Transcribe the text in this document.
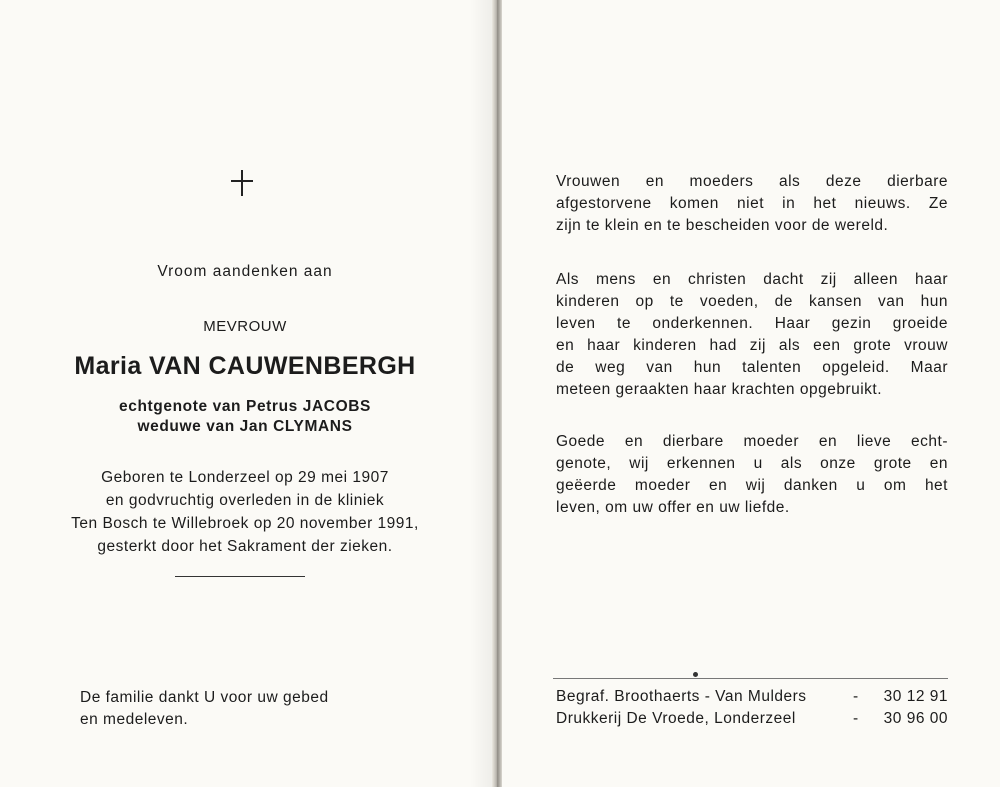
Vroom aandenken aan
MEVROUW
Maria VAN CAUWENBERGH
echtgenote van Petrus JACOBS
weduwe van Jan CLYMANS
Geboren te Londerzeel op 29 mei 1907
en godvruchtig overleden in de kliniek
Ten Bosch te Willebroek op 20 november 1991,
gesterkt door het Sakrament der zieken.
De familie dankt U voor uw gebed
en medeleven.

Vrouwen en moeders als deze dierbare

afgestorvene komen niet in het nieuws. Ze

zijn te klein en te bescheiden voor de wereld.

Als mens en christen dacht zij alleen haar

kinderen op te voeden, de kansen van hun

leven te onderkennen. Haar gezin groeide

en haar kinderen had zij als een grote vrouw

de weg van hun talenten opgeleid. Maar

meteen geraakten haar krachten opgebruikt.

Goede en dierbare moeder en lieve echt-

genote, wij erkennen u als onze grote en

geëerde moeder en wij danken u om het

leven, om uw offer en uw liefde.

Begraf. Broothaerts - Van Mulders	- 30 12 91
Drukkerij De Vroede, Londerzeel	- 30 96 00
